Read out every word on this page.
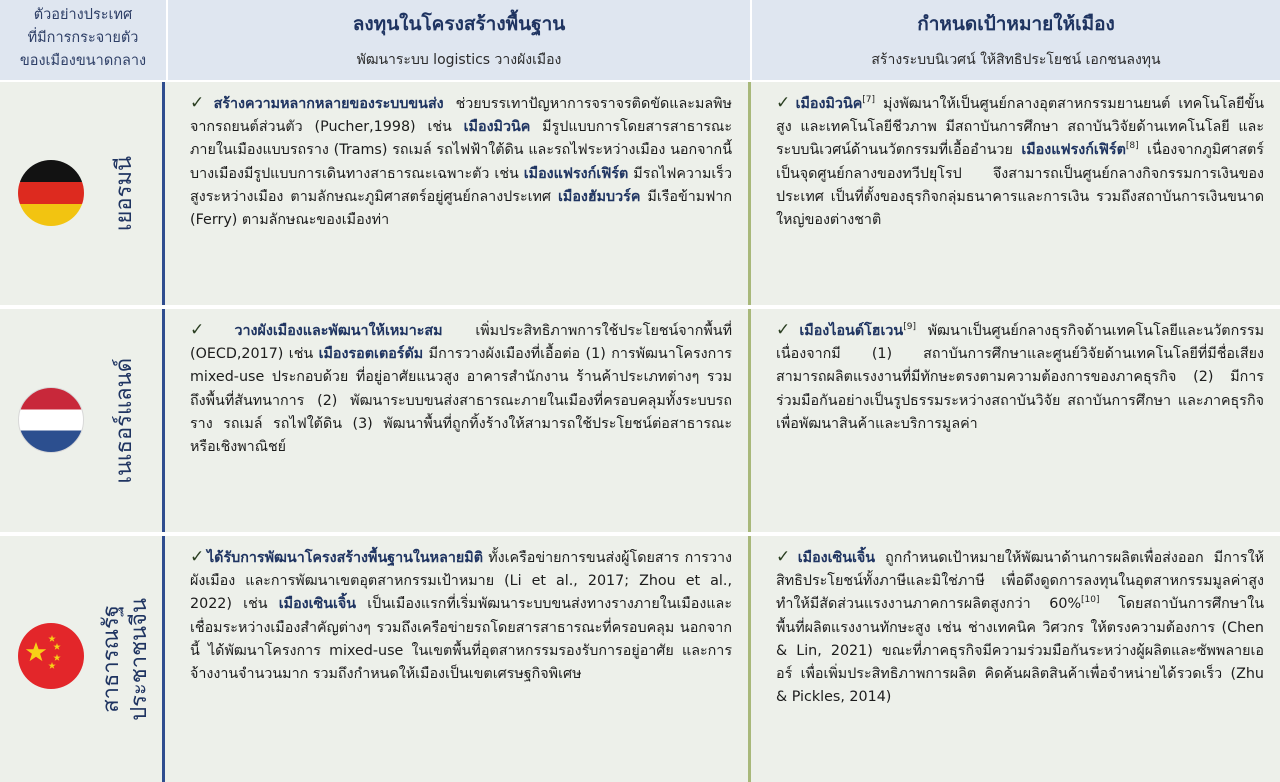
ตัวอย่างประเทศ
ที่มีการกระจายตัว
ของเมืองขนาดกลาง
ลงทุนในโครงสร้างพื้นฐาน
พัฒนาระบบ logistics วางผังเมือง
กำหนดเป้าหมายให้เมือง
สร้างระบบนิเวศน์ ให้สิทธิประโยชน์ เอกชนลงทุน
เยอรมนี

✓ สร้างความหลากหลายของระบบขนส่ง ช่วยบรรเทาปัญหาการจราจรติดขัดและมลพิษจากรถยนต์ส่วนตัว (Pucher,1998) เช่น เมืองมิวนิค มีรูปแบบการโดยสารสาธารณะภายในเมืองแบบรถราง (Trams) รถเมล์ รถไฟฟ้าใต้ดิน และรถไฟระหว่างเมือง นอกจากนี้ บางเมืองมีรูปแบบการเดินทางสาธารณะเฉพาะตัว เช่น เมืองแฟรงก์เฟิร์ต มีรถไฟความเร็วสูงระหว่างเมือง ตามลักษณะภูมิศาสตร์อยู่ศูนย์กลางประเทศ เมืองฮัมบวร์ค มีเรือข้ามฟาก (Ferry) ตามลักษณะของเมืองท่า

✓ เมืองมิวนิค[7] มุ่งพัฒนาให้เป็นศูนย์กลางอุตสาหกรรมยานยนต์ เทคโนโลยีขั้นสูง และเทคโนโลยีชีวภาพ มีสถาบันการศึกษา สถาบันวิจัยด้านเทคโนโลยี และระบบนิเวศน์ด้านนวัตกรรมที่เอื้ออำนวย เมืองแฟรงก์เฟิร์ต[8] เนื่องจากภูมิศาสตร์เป็นจุดศูนย์กลางของทวีปยุโรป จึงสามารถเป็นศูนย์กลางกิจกรรมการเงินของประเทศ เป็นที่ตั้งของธุรกิจกลุ่มธนาคารและการเงิน รวมถึงสถาบันการเงินขนาดใหญ่ของต่างชาติ

เนเธอร์แลนด์

✓ วางผังเมืองและพัฒนาให้เหมาะสม เพิ่มประสิทธิภาพการใช้ประโยชน์จากพื้นที่ (OECD,2017) เช่น เมืองรอตเตอร์ดัม มีการวางผังเมืองที่เอื้อต่อ (1) การพัฒนาโครงการ mixed-use ประกอบด้วย ที่อยู่อาศัยแนวสูง อาคารสำนักงาน ร้านค้าประเภทต่างๆ รวมถึงพื้นที่สันทนาการ (2) พัฒนาระบบขนส่งสาธารณะภายในเมืองที่ครอบคลุมทั้งระบบรถราง รถเมล์ รถไฟใต้ดิน (3) พัฒนาพื้นที่ถูกทิ้งร้างให้สามารถใช้ประโยชน์ต่อสาธารณะหรือเชิงพาณิชย์

✓ เมืองไอนด์โฮเวน[9] พัฒนาเป็นศูนย์กลางธุรกิจด้านเทคโนโลยีและนวัตกรรม เนื่องจากมี (1) สถาบันการศึกษาและศูนย์วิจัยด้านเทคโนโลยีที่มีชื่อเสียง สามารถผลิตแรงงานที่มีทักษะตรงตามความต้องการของภาคธุรกิจ (2) มีการร่วมมือกันอย่างเป็นรูปธรรมระหว่างสถาบันวิจัย สถาบันการศึกษา และภาคธุรกิจ เพื่อพัฒนาสินค้าและบริการมูลค่า

สาธารณรัฐ ประชาชนจีน

✓ ได้รับการพัฒนาโครงสร้างพื้นฐานในหลายมิติ ทั้งเครือข่ายการขนส่งผู้โดยสาร การวางผังเมือง และการพัฒนาเขตอุตสาหกรรมเป้าหมาย (Li et al., 2017; Zhou et al., 2022) เช่น เมืองเซินเจิ้น เป็นเมืองแรกที่เริ่มพัฒนาระบบขนส่งทางรางภายในเมืองและเชื่อมระหว่างเมืองสำคัญต่างๆ รวมถึงเครือข่ายรถโดยสารสาธารณะที่ครอบคลุม นอกจากนี้ ได้พัฒนาโครงการ mixed-use ในเขตพื้นที่อุตสาหกรรมรองรับการอยู่อาศัย และการจ้างงานจำนวนมาก รวมถึงกำหนดให้เมืองเป็นเขตเศรษฐกิจพิเศษ

✓ เมืองเซินเจิ้น ถูกกำหนดเป้าหมายให้พัฒนาด้านการผลิตเพื่อส่งออก มีการให้สิทธิประโยชน์ทั้งภาษีและมิใช่ภาษี เพื่อดึงดูดการลงทุนในอุตสาหกรรมมูลค่าสูง ทำให้มีสัดส่วนแรงงานภาคการผลิตสูงกว่า 60%[10] โดยสถาบันการศึกษาในพื้นที่ผลิตแรงงานทักษะสูง เช่น ช่างเทคนิค วิศวกร ให้ตรงความต้องการ (Chen & Lin, 2021) ขณะที่ภาคธุรกิจมีความร่วมมือกันระหว่างผู้ผลิตและซัพพลายเออร์ เพื่อเพิ่มประสิทธิภาพการผลิต คิดค้นผลิตสินค้าเพื่อจำหน่ายได้รวดเร็ว (Zhu & Pickles, 2014)
